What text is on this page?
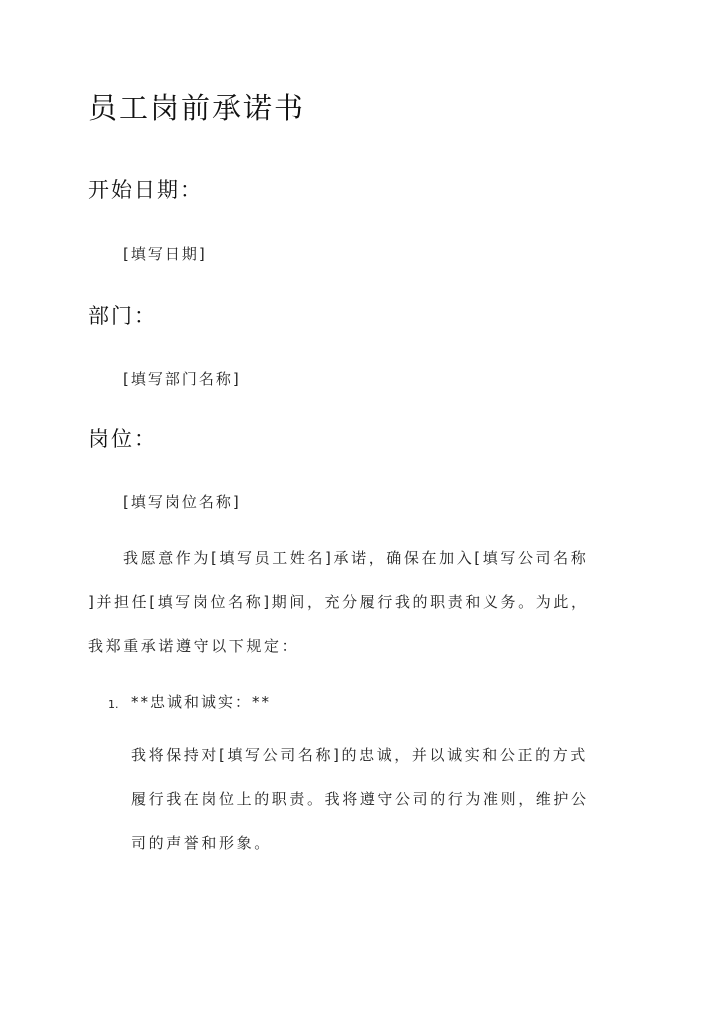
员工岗前承诺书
开始日期：

[填写日期]

部门：

[填写部门名称]

岗位：

[填写岗位名称]

我愿意作为[填写员工姓名]承诺，确保在加入[填写公司名称
]并担任[填写岗位名称]期间，充分履行我的职责和义务。为此，
我郑重承诺遵守以下规定：

1. **忠诚和诚实：**

我将保持对[填写公司名称]的忠诚，并以诚实和公正的方式
履行我在岗位上的职责。我将遵守公司的行为准则，维护公
司的声誉和形象。
